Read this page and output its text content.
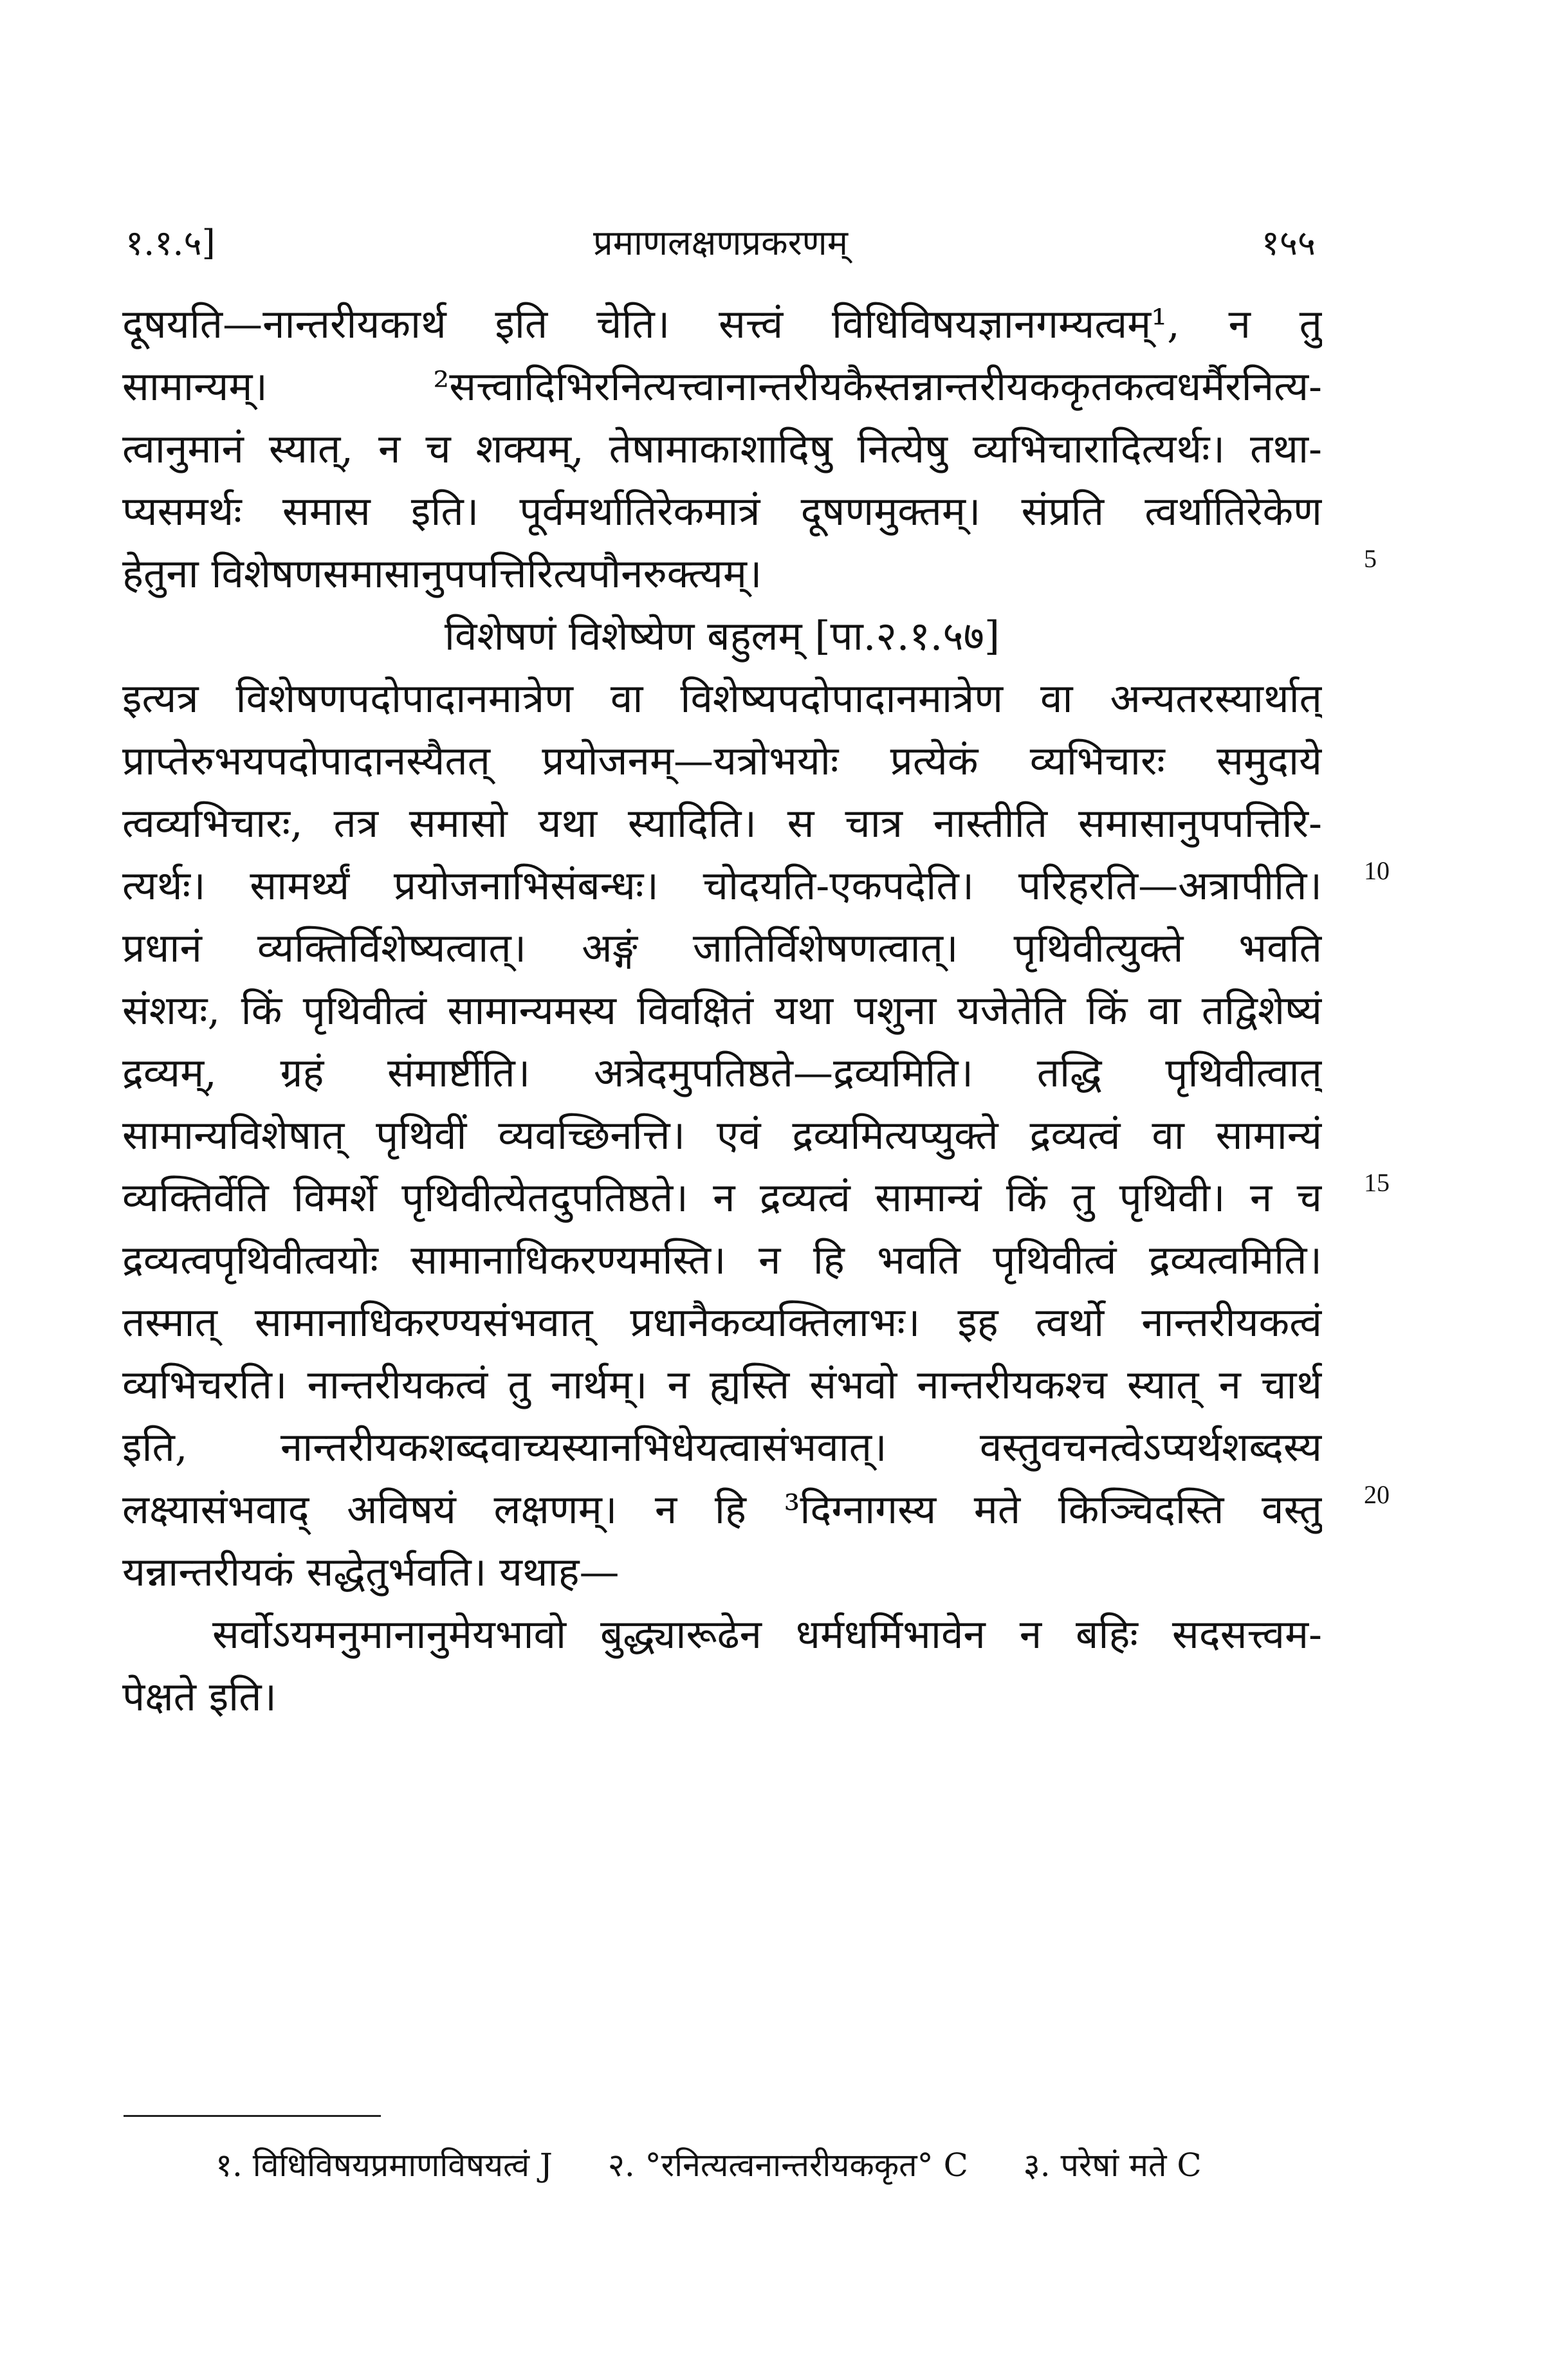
१.१.५]	प्रमाणलक्षणप्रकरणम्	१५५
दूषयति—नान्तरीयकार्थ इति चेति। सत्त्वं विधिविषयज्ञानगम्यत्वम्¹, न तु
सामान्यम्। ²सत्त्वादिभिरनित्यत्त्वानान्तरीयकैस्तन्नान्तरीयककृतकत्वधर्मैरनित्य-
त्वानुमानं स्यात्, न च शक्यम्, तेषामाकाशादिषु नित्येषु व्यभिचारादित्यर्थः। तथा-
प्यसमर्थः समास इति। पूर्वमर्थातिरेकमात्रं दूषणमुक्तम्। संप्रति त्वर्थातिरेकेण
हेतुना विशेषणसमासानुपपत्तिरित्यपौनरुक्त्यम्।
विशेषणं विशेष्येण बहुलम् [पा.२.१.५७]
इत्यत्र विशेषणपदोपादानमात्रेण वा विशेष्यपदोपादानमात्रेण वा अन्यतरस्यार्थात्
प्राप्तेरुभयपदोपादानस्यैतत् प्रयोजनम्—यत्रोभयोः प्रत्येकं व्यभिचारः समुदाये
त्वव्यभिचारः, तत्र समासो यथा स्यादिति। स चात्र नास्तीति समासानुपपत्तिरि-
त्यर्थः। सामर्थ्यं प्रयोजनाभिसंबन्धः। चोदयति-एकपदेति। परिहरति—अत्रापीति।
प्रधानं व्यक्तिर्विशेष्यत्वात्। अङ्गं जातिर्विशेषणत्वात्। पृथिवीत्युक्ते भवति
संशयः, किं पृथिवीत्वं सामान्यमस्य विवक्षितं यथा पशुना यजेतेति किं वा तद्विशेष्यं
द्रव्यम्, ग्रहं संमार्ष्टीति। अत्रेदमुपतिष्ठते—द्रव्यमिति। तद्धि पृथिवीत्वात्
सामान्यविशेषात् पृथिवीं व्यवच्छिनत्ति। एवं द्रव्यमित्यप्युक्ते द्रव्यत्वं वा सामान्यं
व्यक्तिर्वेति विमर्शे पृथिवीत्येतदुपतिष्ठते। न द्रव्यत्वं सामान्यं किं तु पृथिवी। न च
द्रव्यत्वपृथिवीत्वयोः सामानाधिकरण्यमस्ति। न हि भवति पृथिवीत्वं द्रव्यत्वमिति।
तस्मात् सामानाधिकरण्यसंभवात् प्रधानैकव्यक्तिलाभः। इह त्वर्थो नान्तरीयकत्वं
व्यभिचरति। नान्तरीयकत्वं तु नार्थम्। न ह्यस्ति संभवो नान्तरीयकश्च स्यात् न चार्थ
इति, नान्तरीयकशब्दवाच्यस्यानभिधेयत्वासंभवात्। वस्तुवचनत्वेऽप्यर्थशब्दस्य
लक्ष्यासंभवाद् अविषयं लक्षणम्। न हि ³दिग्नागस्य मते किञ्चिदस्ति वस्तु
यन्नान्तरीयकं सद्धेतुर्भवति। यथाह—
सर्वोऽयमनुमानानुमेयभावो बुद्ध्यारूढेन धर्मधर्मिभावेन न बहिः सदसत्त्वम-
पेक्षते इति।
5
10
15
20
१. विधिविषयप्रमाणविषयत्वं J २. °रनित्यत्वनान्तरीयककृत° C ३. परेषां मते C
